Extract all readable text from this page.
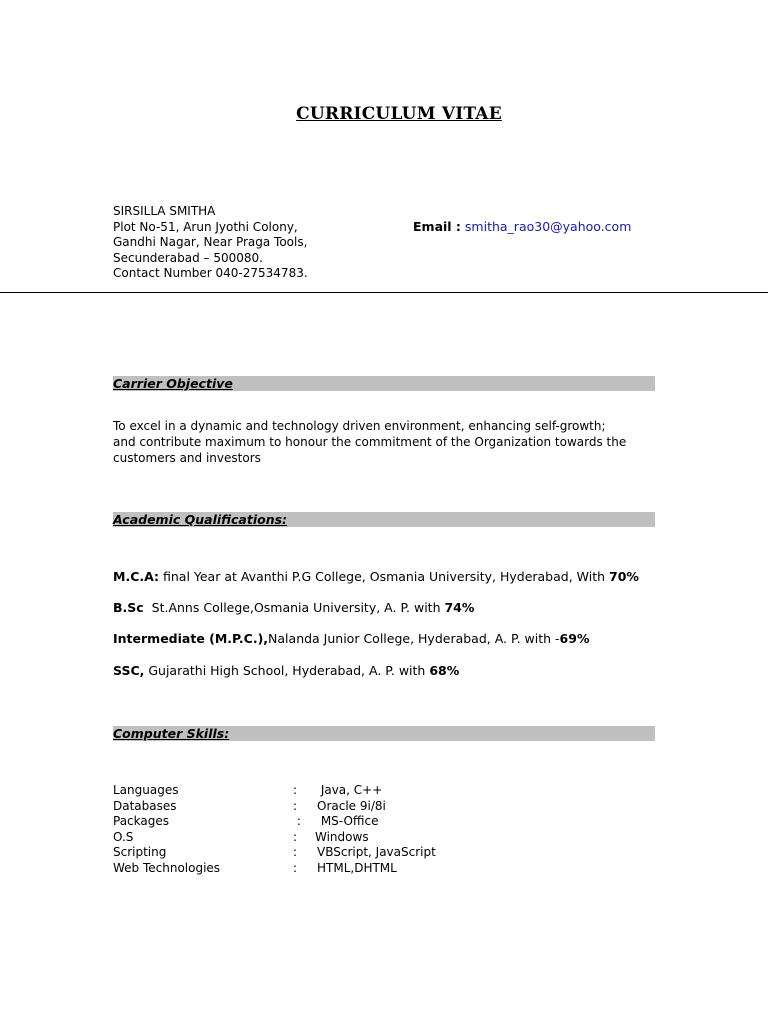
CURRICULUM VITAE
SIRSILLA SMITHA
Plot No-51, Arun Jyothi Colony,
Gandhi Nagar, Near Praga Tools,
Secunderabad – 500080.
Contact Number 040-27534783.
Email : smitha_rao30@yahoo.com
Carrier Objective
To excel in a dynamic and technology driven environment, enhancing self-growth;
and contribute maximum to honour the commitment of the Organization towards the
customers and investors
Academic Qualifications:
M.C.A: final Year at Avanthi P.G College, Osmania University, Hyderabad, With 70%
B.Sc  St.Anns College,Osmania University, A. P. with 74%
Intermediate (M.P.C.),Nalanda Junior College, Hyderabad, A. P. with -69%
SSC, Gujarathi High School, Hyderabad, A. P. with 68%
Computer Skills:
Languages	: Java, C++
Databases	: Oracle 9i/8i
Packages	: MS-Office
O.S	: Windows
Scripting	: VBScript, JavaScript
Web Technologies	: HTML,DHTML
